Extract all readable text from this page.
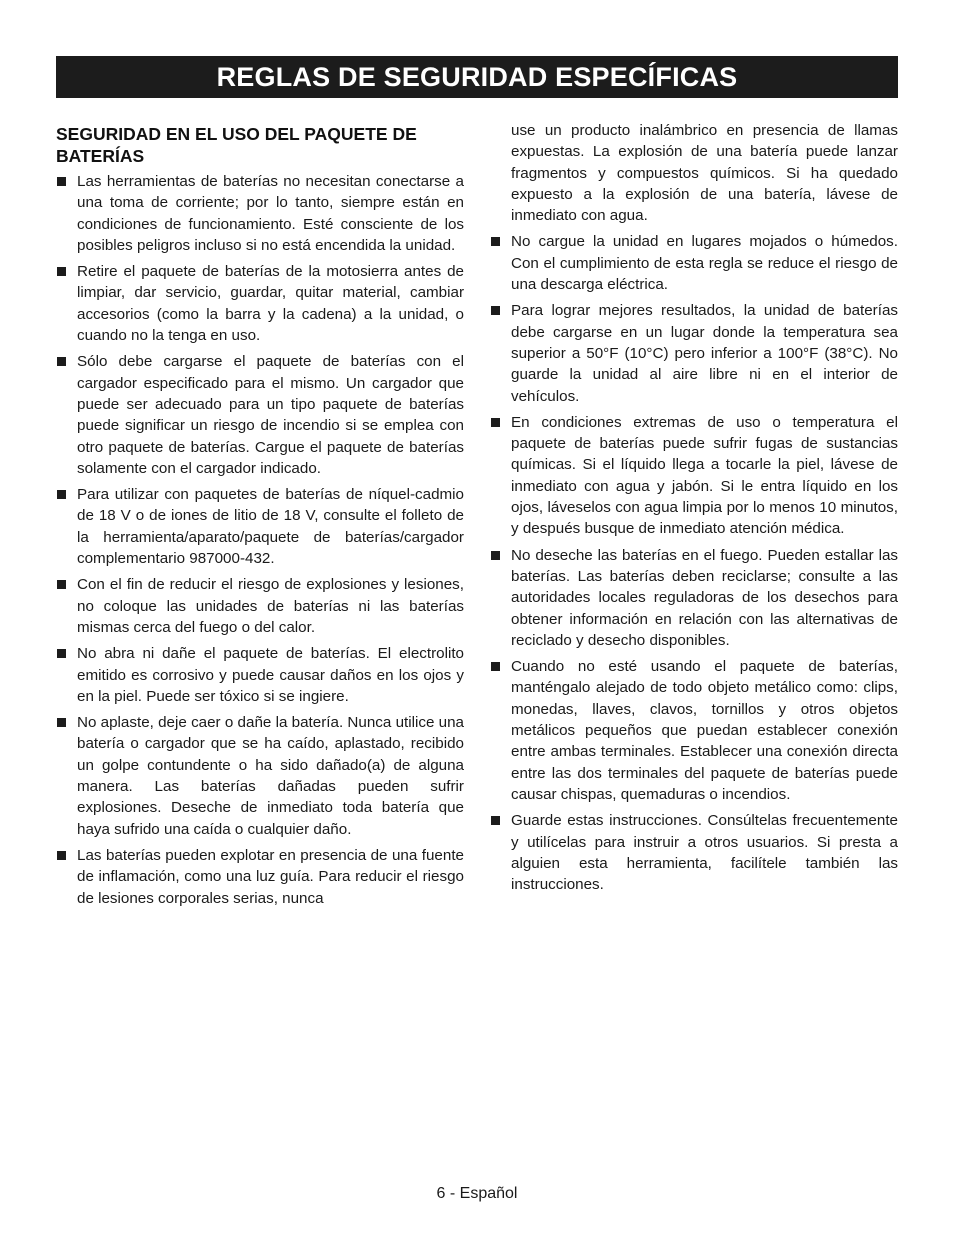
REGLAS DE SEGURIDAD ESPECÍFICAS
SEGURIDAD EN EL USO DEL PAQUETE DE BATERÍAS
Las herramientas de baterías no necesitan conectarse a una toma de corriente; por lo tanto, siempre están en condiciones de funcionamiento. Esté consciente de los posibles peligros incluso si no está encendida la unidad.
Retire el paquete de baterías de la motosierra antes de limpiar, dar servicio, guardar, quitar material, cambiar accesorios (como la barra y la cadena) a la unidad, o cuando no la tenga en uso.
Sólo debe cargarse el paquete de baterías con el cargador especificado para el mismo. Un cargador que puede ser adecuado para un tipo paquete de baterías puede significar un riesgo de incendio si se emplea con otro paquete de baterías. Cargue el paquete de baterías solamente con el cargador indicado.
Para utilizar con paquetes de baterías de níquel-cadmio de 18 V o de iones de litio de 18 V, consulte el folleto de la herramienta/aparato/paquete de baterías/cargador complementario 987000-432.
Con el fin de reducir el riesgo de explosiones y lesiones, no coloque las unidades de baterías ni las baterías mismas cerca del fuego o del calor.
No abra ni dañe el paquete de baterías. El electrolito emitido es corrosivo y puede causar daños en los ojos y en la piel. Puede ser tóxico si se ingiere.
No aplaste, deje caer o dañe la batería. Nunca utilice una batería o cargador que se ha caído, aplastado, recibido un golpe contundente o ha sido dañado(a) de alguna manera. Las baterías dañadas pueden sufrir explosiones. Deseche de inmediato toda batería que haya sufrido una caída o cualquier daño.
Las baterías pueden explotar en presencia de una fuente de inflamación, como una luz guía. Para reducir el riesgo de lesiones corporales serias, nunca
use un producto inalámbrico en presencia de llamas expuestas. La explosión de una batería puede lanzar fragmentos y compuestos químicos. Si ha quedado expuesto a la explosión de una batería, lávese de inmediato con agua.
No cargue la unidad en lugares mojados o húmedos. Con el cumplimiento de esta regla se reduce el riesgo de una descarga eléctrica.
Para lograr mejores resultados, la unidad de baterías debe cargarse en un lugar donde la temperatura sea superior a 50°F (10°C) pero inferior a 100°F (38°C). No guarde la unidad al aire libre ni en el interior de vehículos.
En condiciones extremas de uso o temperatura el paquete de baterías puede sufrir fugas de sustancias químicas. Si el líquido llega a tocarle la piel, lávese de inmediato con agua y jabón. Si le entra líquido en los ojos, láveselos con agua limpia por lo menos 10 minutos, y después busque de inmediato atención médica.
No deseche las baterías en el fuego. Pueden estallar las baterías. Las baterías deben reciclarse; consulte a las autoridades locales reguladoras de los desechos para obtener información en relación con las alternativas de reciclado y desecho disponibles.
Cuando no esté usando el paquete de baterías, manténgalo alejado de todo objeto metálico como: clips, monedas, llaves, clavos, tornillos y otros objetos metálicos pequeños que puedan establecer conexión entre ambas terminales. Establecer una conexión directa entre las dos terminales del paquete de baterías puede causar chispas, quemaduras o incendios.
Guarde estas instrucciones. Consúltelas frecuentemente y utilícelas para instruir a otros usuarios. Si presta a alguien esta herramienta, facilítele también las instrucciones.
6 - Español
